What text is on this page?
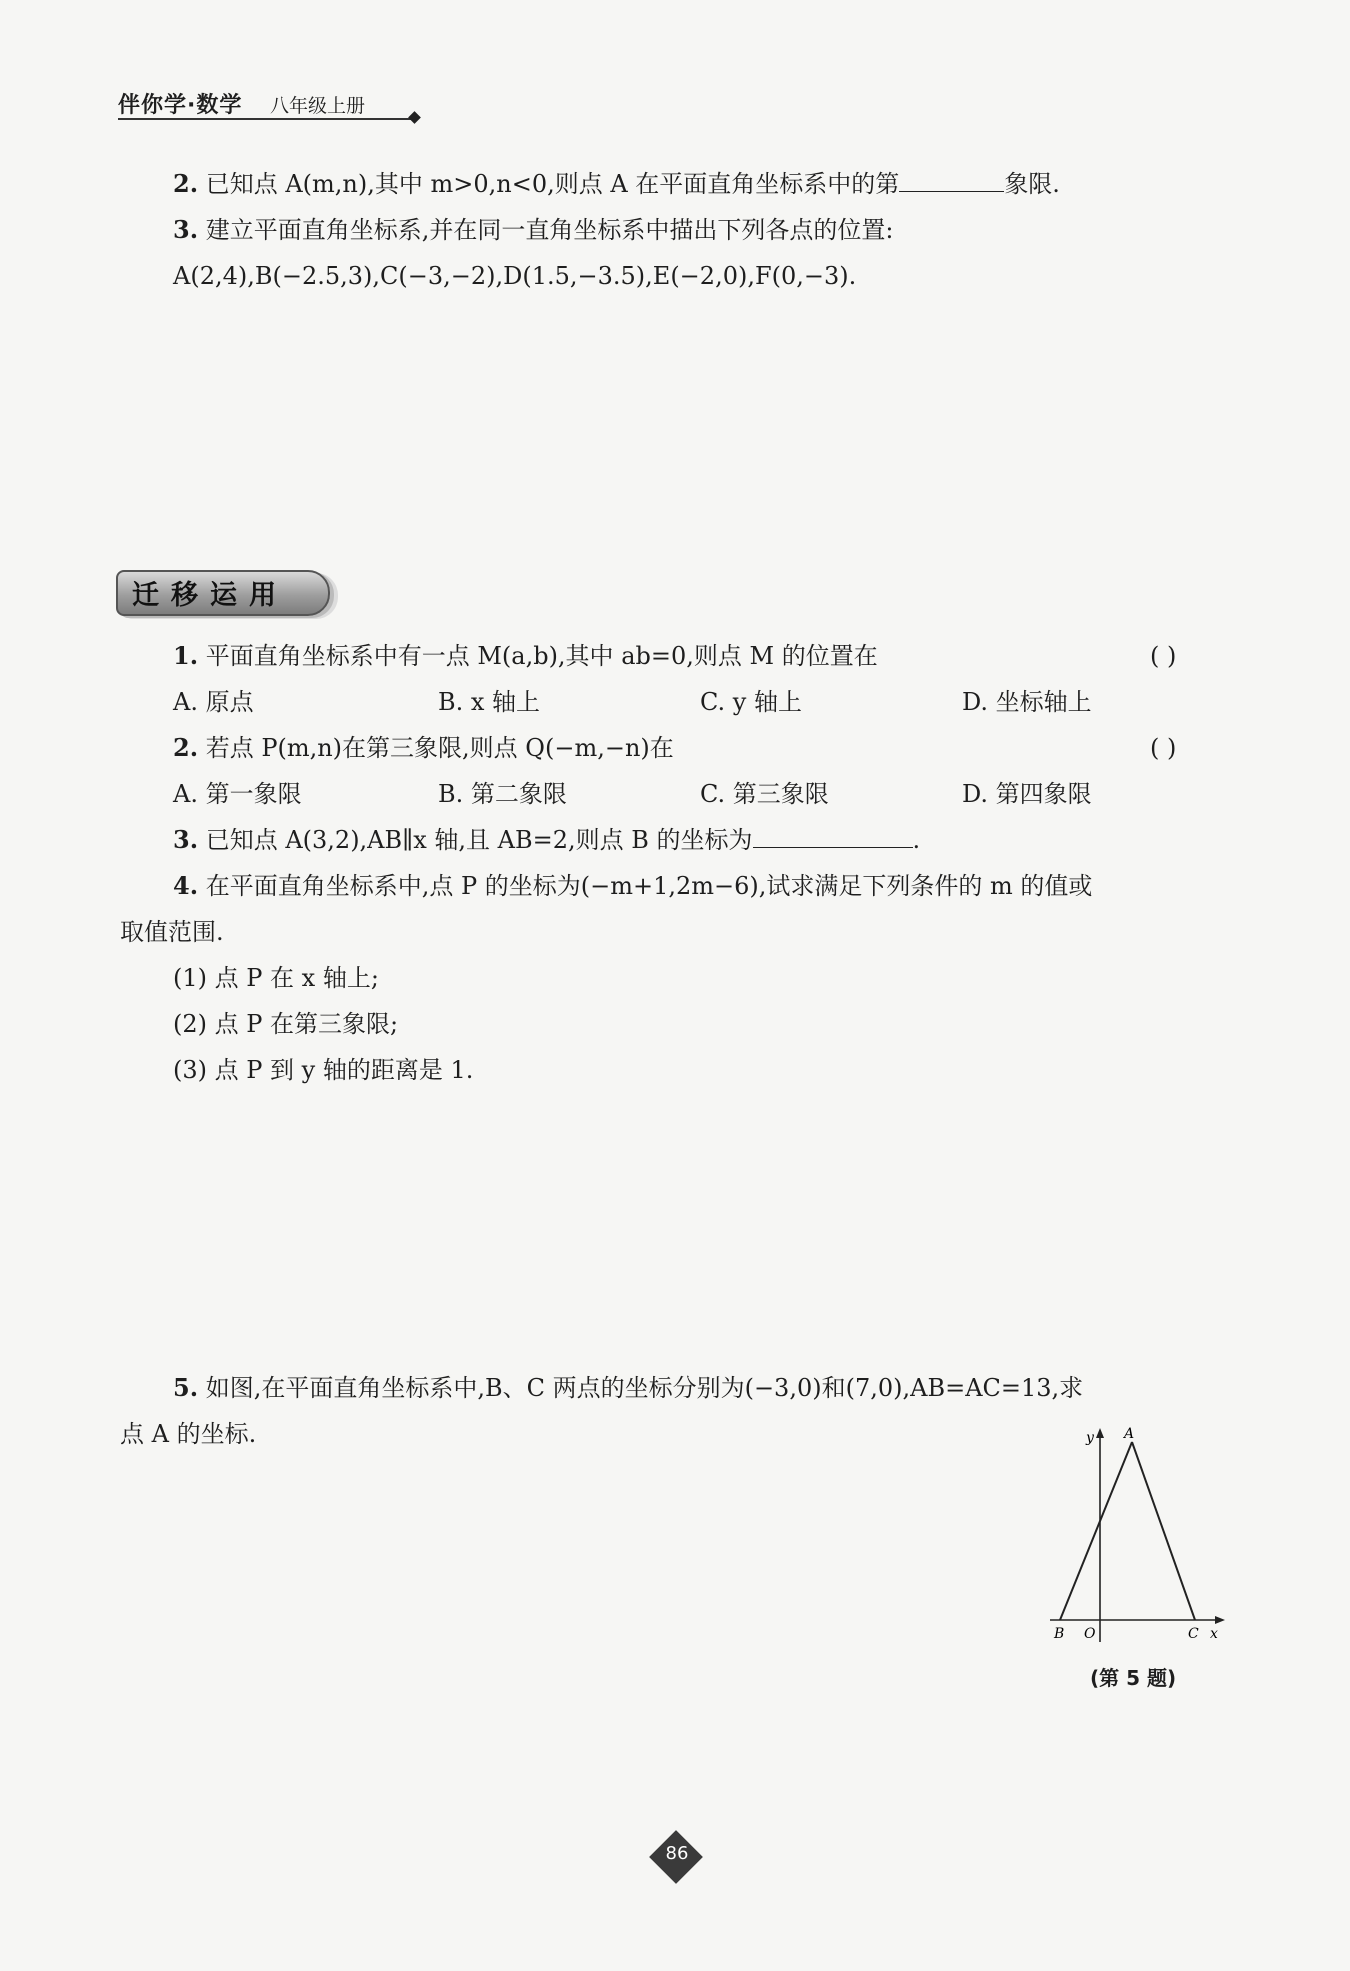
伴你学·数学 八年级上册
2. 已知点 A(m,n),其中 m>0,n<0,则点 A 在平面直角坐标系中的第	象限.
3. 建立平面直角坐标系,并在同一直角坐标系中描出下列各点的位置:
A(2,4),B(−2.5,3),C(−3,−2),D(1.5,−3.5),E(−2,0),F(0,−3).
迁移运用
1. 平面直角坐标系中有一点 M(a,b),其中 ab=0,则点 M 的位置在	( )
A. 原点	B. x 轴上	C. y 轴上	D. 坐标轴上
2. 若点 P(m,n)在第三象限,则点 Q(−m,−n)在	( )
A. 第一象限	B. 第二象限	C. 第三象限	D. 第四象限
3. 已知点 A(3,2),AB∥x 轴,且 AB=2,则点 B 的坐标为	.
4. 在平面直角坐标系中,点 P 的坐标为(−m+1,2m−6),试求满足下列条件的 m 的值或
取值范围.
(1) 点 P 在 x 轴上;
(2) 点 P 在第三象限;
(3) 点 P 到 y 轴的距离是 1.
5. 如图,在平面直角坐标系中,B、C 两点的坐标分别为(−3,0)和(7,0),AB=AC=13,求
点 A 的坐标.	y A
B O	C x
(第 5 题)
86
